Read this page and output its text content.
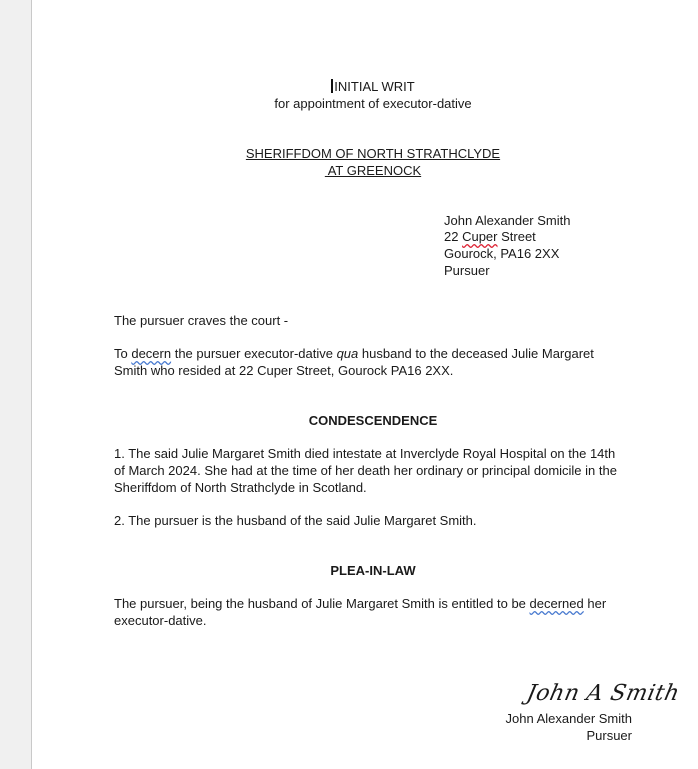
INITIAL WRIT
for appointment of executor-dative
SHERIFFDOM OF NORTH STRATHCLYDE
AT GREENOCK
John Alexander Smith
22 Cuper Street
Gourock, PA16 2XX
Pursuer
The pursuer craves the court -
To decern the pursuer executor-dative qua husband to the deceased Julie Margaret Smith who resided at 22 Cuper Street, Gourock PA16 2XX.
CONDESCENDENCE
1. The said Julie Margaret Smith died intestate at Inverclyde Royal Hospital on the 14th of March 2024. She had at the time of her death her ordinary or principal domicile in the Sheriffdom of North Strathclyde in Scotland.
2. The pursuer is the husband of the said Julie Margaret Smith.
PLEA-IN-LAW
The pursuer, being the husband of Julie Margaret Smith is entitled to be decerned her executor-dative.
John A Smith
John Alexander Smith
Pursuer
